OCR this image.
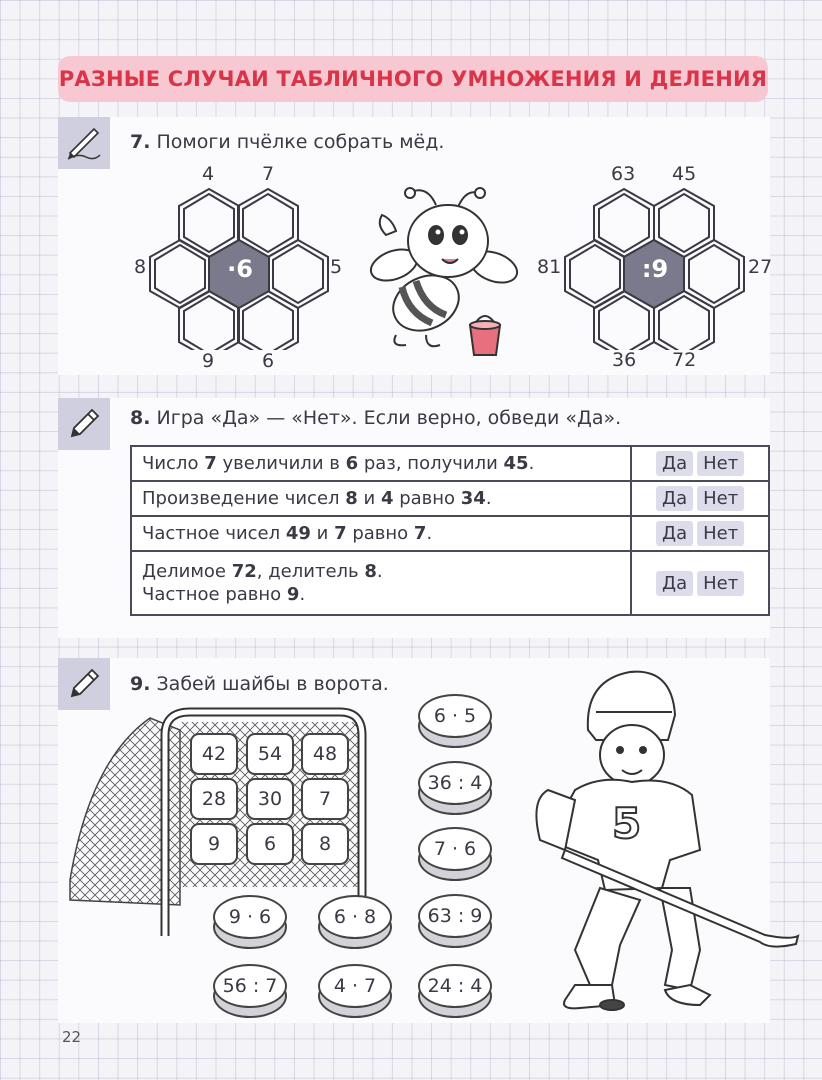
РАЗНЫЕ СЛУЧАИ ТАБЛИЧНОГО УМНОЖЕНИЯ И ДЕЛЕНИЯ
7. Помоги пчёлке собрать мёд.
·6
4	7
8	5
9	6
:9
63 45
81	27
36 72
8. Игра «Да» — «Нет». Если верно, обведи «Да».
Число 7 увеличили в 6 раз, получили 45.	Да Нет
Произведение чисел 8 и 4 равно 34.	Да Нет
Частное чисел 49 и 7 равно 7.	Да Нет
Делимое 72, делитель 8.
Частное равно 9.	Да Нет
9. Забей шайбы в ворота.
42 54 48
28 30 7
9 6 8
6 · 5
36 : 4
7 · 6
63 : 9
24 : 4
9 · 6	6 · 8
56 : 7	4 · 7
5
22
